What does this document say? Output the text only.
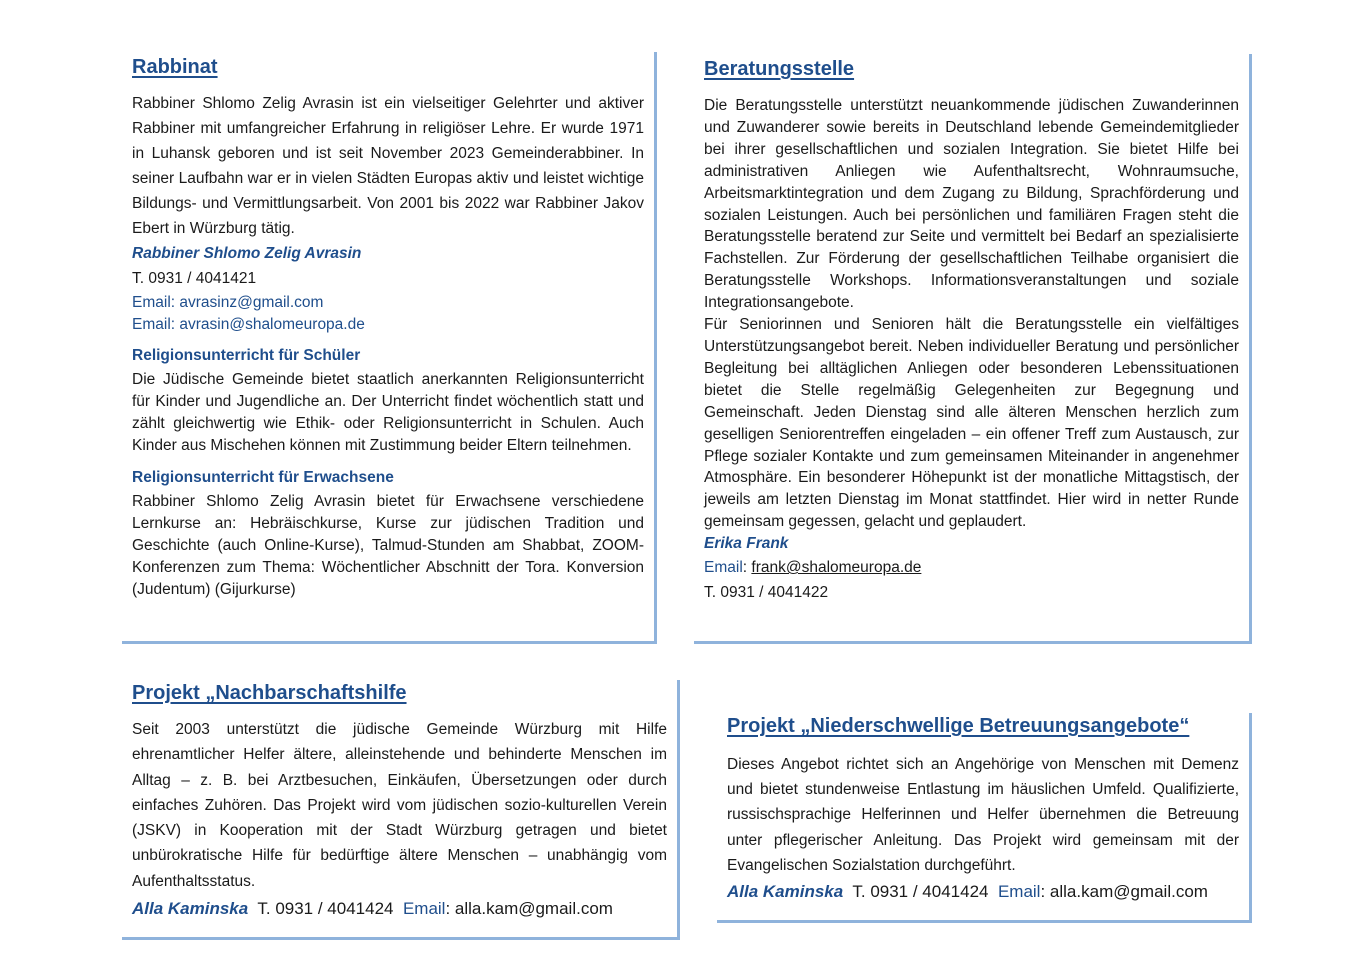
Rabbinat

Rabbiner Shlomo Zelig Avrasin ist ein vielseitiger Gelehrter und aktiver Rabbiner mit umfangreicher Erfahrung in religiöser Lehre. Er wurde 1971 in Luhansk geboren und ist seit November 2023 Gemeinderabbiner. In seiner Laufbahn war er in vielen Städten Europas aktiv und leistet wichtige Bildungs- und Vermittlungsarbeit. Von 2001 bis 2022 war Rabbiner Jakov Ebert in Würzburg tätig.

Rabbiner Shlomo Zelig Avrasin
T. 0931 / 4041421
Email: avrasinz@gmail.com
Email: avrasin@shalomeuropa.de
Religionsunterricht für Schüler

Die Jüdische Gemeinde bietet staatlich anerkannten Religionsunterricht für Kinder und Jugendliche an. Der Unterricht findet wöchentlich statt und zählt gleichwertig wie Ethik- oder Religionsunterricht in Schulen. Auch Kinder aus Mischehen können mit Zustimmung beider Eltern teilnehmen.

Religionsunterricht für Erwachsene

Rabbiner Shlomo Zelig Avrasin bietet für Erwachsene verschiedene Lernkurse an: Hebräischkurse, Kurse zur jüdischen Tradition und Geschichte (auch Online-Kurse), Talmud-Stunden am Shabbat, ZOOM-Konferenzen zum Thema: Wöchentlicher Abschnitt der Tora. Konversion (Judentum) (Gijurkurse)

Beratungsstelle

Die Beratungsstelle unterstützt neuankommende jüdischen Zuwanderinnen und Zuwanderer sowie bereits in Deutschland lebende Gemeindemitglieder bei ihrer gesellschaftlichen und sozialen Integration. Sie bietet Hilfe bei administrativen Anliegen wie Aufenthaltsrecht, Wohnraumsuche, Arbeitsmarktintegration und dem Zugang zu Bildung, Sprachförderung und sozialen Leistungen. Auch bei persönlichen und familiären Fragen steht die Beratungsstelle beratend zur Seite und vermittelt bei Bedarf an spezialisierte Fachstellen. Zur Förderung der gesellschaftlichen Teilhabe organisiert die Beratungsstelle Workshops. Informationsveranstaltungen und soziale Integrationsangebote.

Für Seniorinnen und Senioren hält die Beratungsstelle ein vielfältiges Unterstützungsangebot bereit. Neben individueller Beratung und persönlicher Begleitung bei alltäglichen Anliegen oder besonderen Lebenssituationen bietet die Stelle regelmäßig Gelegenheiten zur Begegnung und Gemeinschaft. Jeden Dienstag sind alle älteren Menschen herzlich zum geselligen Seniorentreffen eingeladen – ein offener Treff zum Austausch, zur Pflege sozialer Kontakte und zum gemeinsamen Miteinander in angenehmer Atmosphäre. Ein besonderer Höhepunkt ist der monatliche Mittagstisch, der jeweils am letzten Dienstag im Monat stattfindet. Hier wird in netter Runde gemeinsam gegessen, gelacht und geplaudert.

Erika Frank
Email: frank@shalomeuropa.de
T. 0931 / 4041422
Projekt „Nachbarschaftshilfe

Seit 2003 unterstützt die jüdische Gemeinde Würzburg mit Hilfe ehrenamtlicher Helfer ältere, alleinstehende und behinderte Menschen im Alltag – z. B. bei Arztbesuchen, Einkäufen, Übersetzungen oder durch einfaches Zuhören. Das Projekt wird vom jüdischen sozio-kulturellen Verein (JSKV) in Kooperation mit der Stadt Würzburg getragen und bietet unbürokratische Hilfe für bedürftige ältere Menschen – unabhängig vom Aufenthaltsstatus.

Alla Kaminska T. 0931 / 4041424 Email: alla.kam@gmail.com
Projekt „Niederschwellige Betreuungsangebote“

Dieses Angebot richtet sich an Angehörige von Menschen mit Demenz und bietet stundenweise Entlastung im häuslichen Umfeld. Qualifizierte, russischsprachige Helferinnen und Helfer übernehmen die Betreuung unter pflegerischer Anleitung. Das Projekt wird gemeinsam mit der Evangelischen Sozialstation durchgeführt.

Alla Kaminska T. 0931 / 4041424 Email: alla.kam@gmail.com
